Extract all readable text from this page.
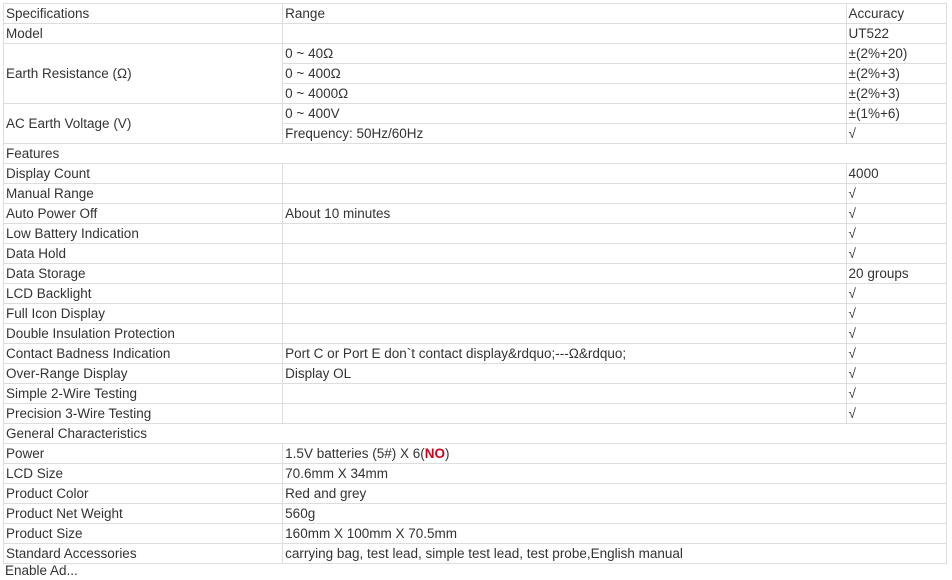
Specifications	Range	Accuracy
Model		UT522
Earth Resistance (Ω)	0 ~ 40Ω	±(2%+20)
	0 ~ 400Ω	±(2%+3)
	0 ~ 4000Ω	±(2%+3)
AC Earth Voltage (V)	0 ~ 400V	±(1%+6)
	Frequency: 50Hz/60Hz	√
Features		
Display Count		4000
Manual Range		√
Auto Power Off	About 10 minutes	√
Low Battery Indication		√
Data Hold		√
Data Storage		20 groups
LCD Backlight		√
Full Icon Display		√
Double Insulation Protection		√
Contact Badness Indication	Port C or Port E don`t contact display&rdquo;---Ω&rdquo;	√
Over-Range Display	Display OL	√
Simple 2-Wire Testing		√
Precision 3-Wire Testing		√
General Characteristics		
Power	1.5V batteries (5#) X 6(NO)	
LCD Size	70.6mm X 34mm	
Product Color	Red and grey	
Product Net Weight	560g	
Product Size	160mm X 100mm X 70.5mm	
Standard Accessories	carrying bag, test lead, simple test lead, test probe,English manual	
Enable Ad...
